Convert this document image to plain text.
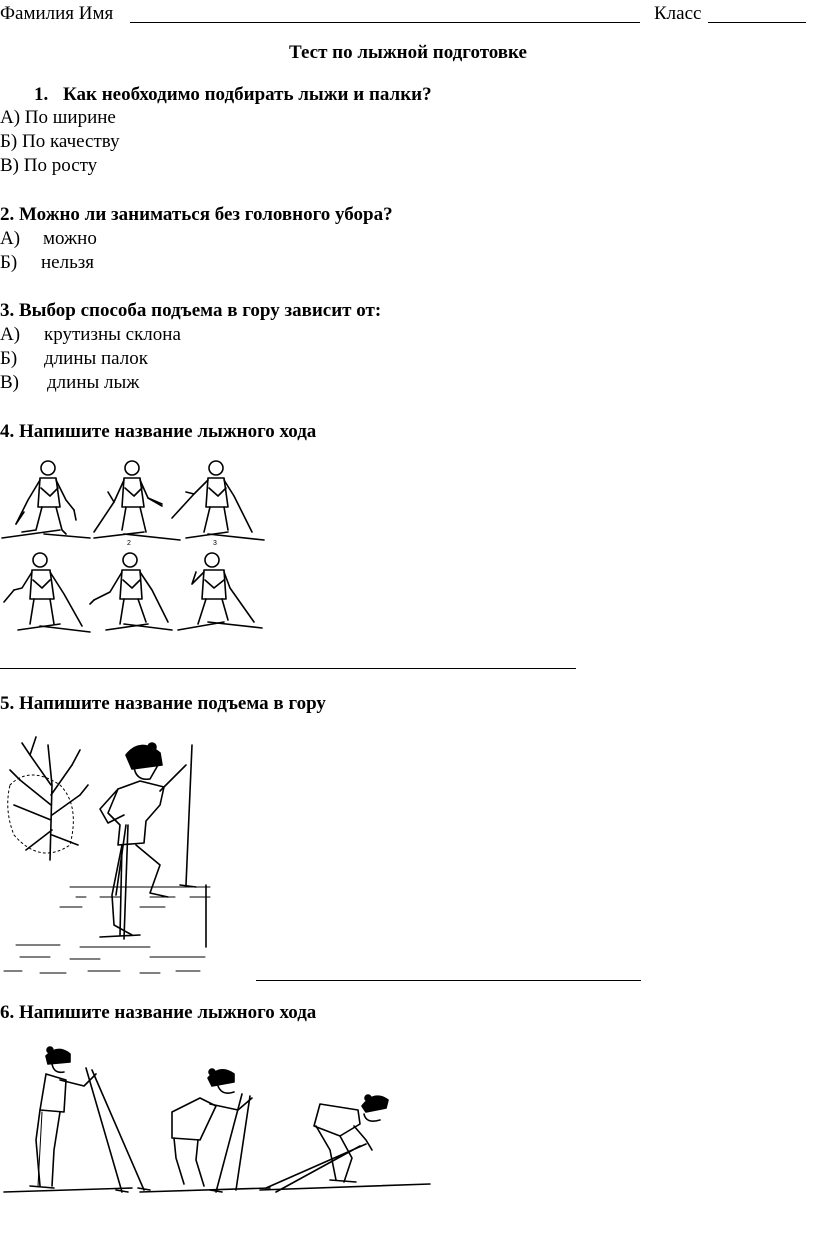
Фамилия Имя	Класс
Тест по лыжной подготовке
1. Как необходимо подбирать лыжи и палки?
А) По ширине
Б) По качеству
В) По росту
2. Можно ли заниматься без головного убора?
А) можно
Б) нельзя
3. Выбор способа подъема в гору зависит от:
А) крутизны склона
Б) длины палок
В) длины лыж
4. Напишите название лыжного хода
2	3
5. Напишите название подъема в гору
6. Напишите название лыжного хода
